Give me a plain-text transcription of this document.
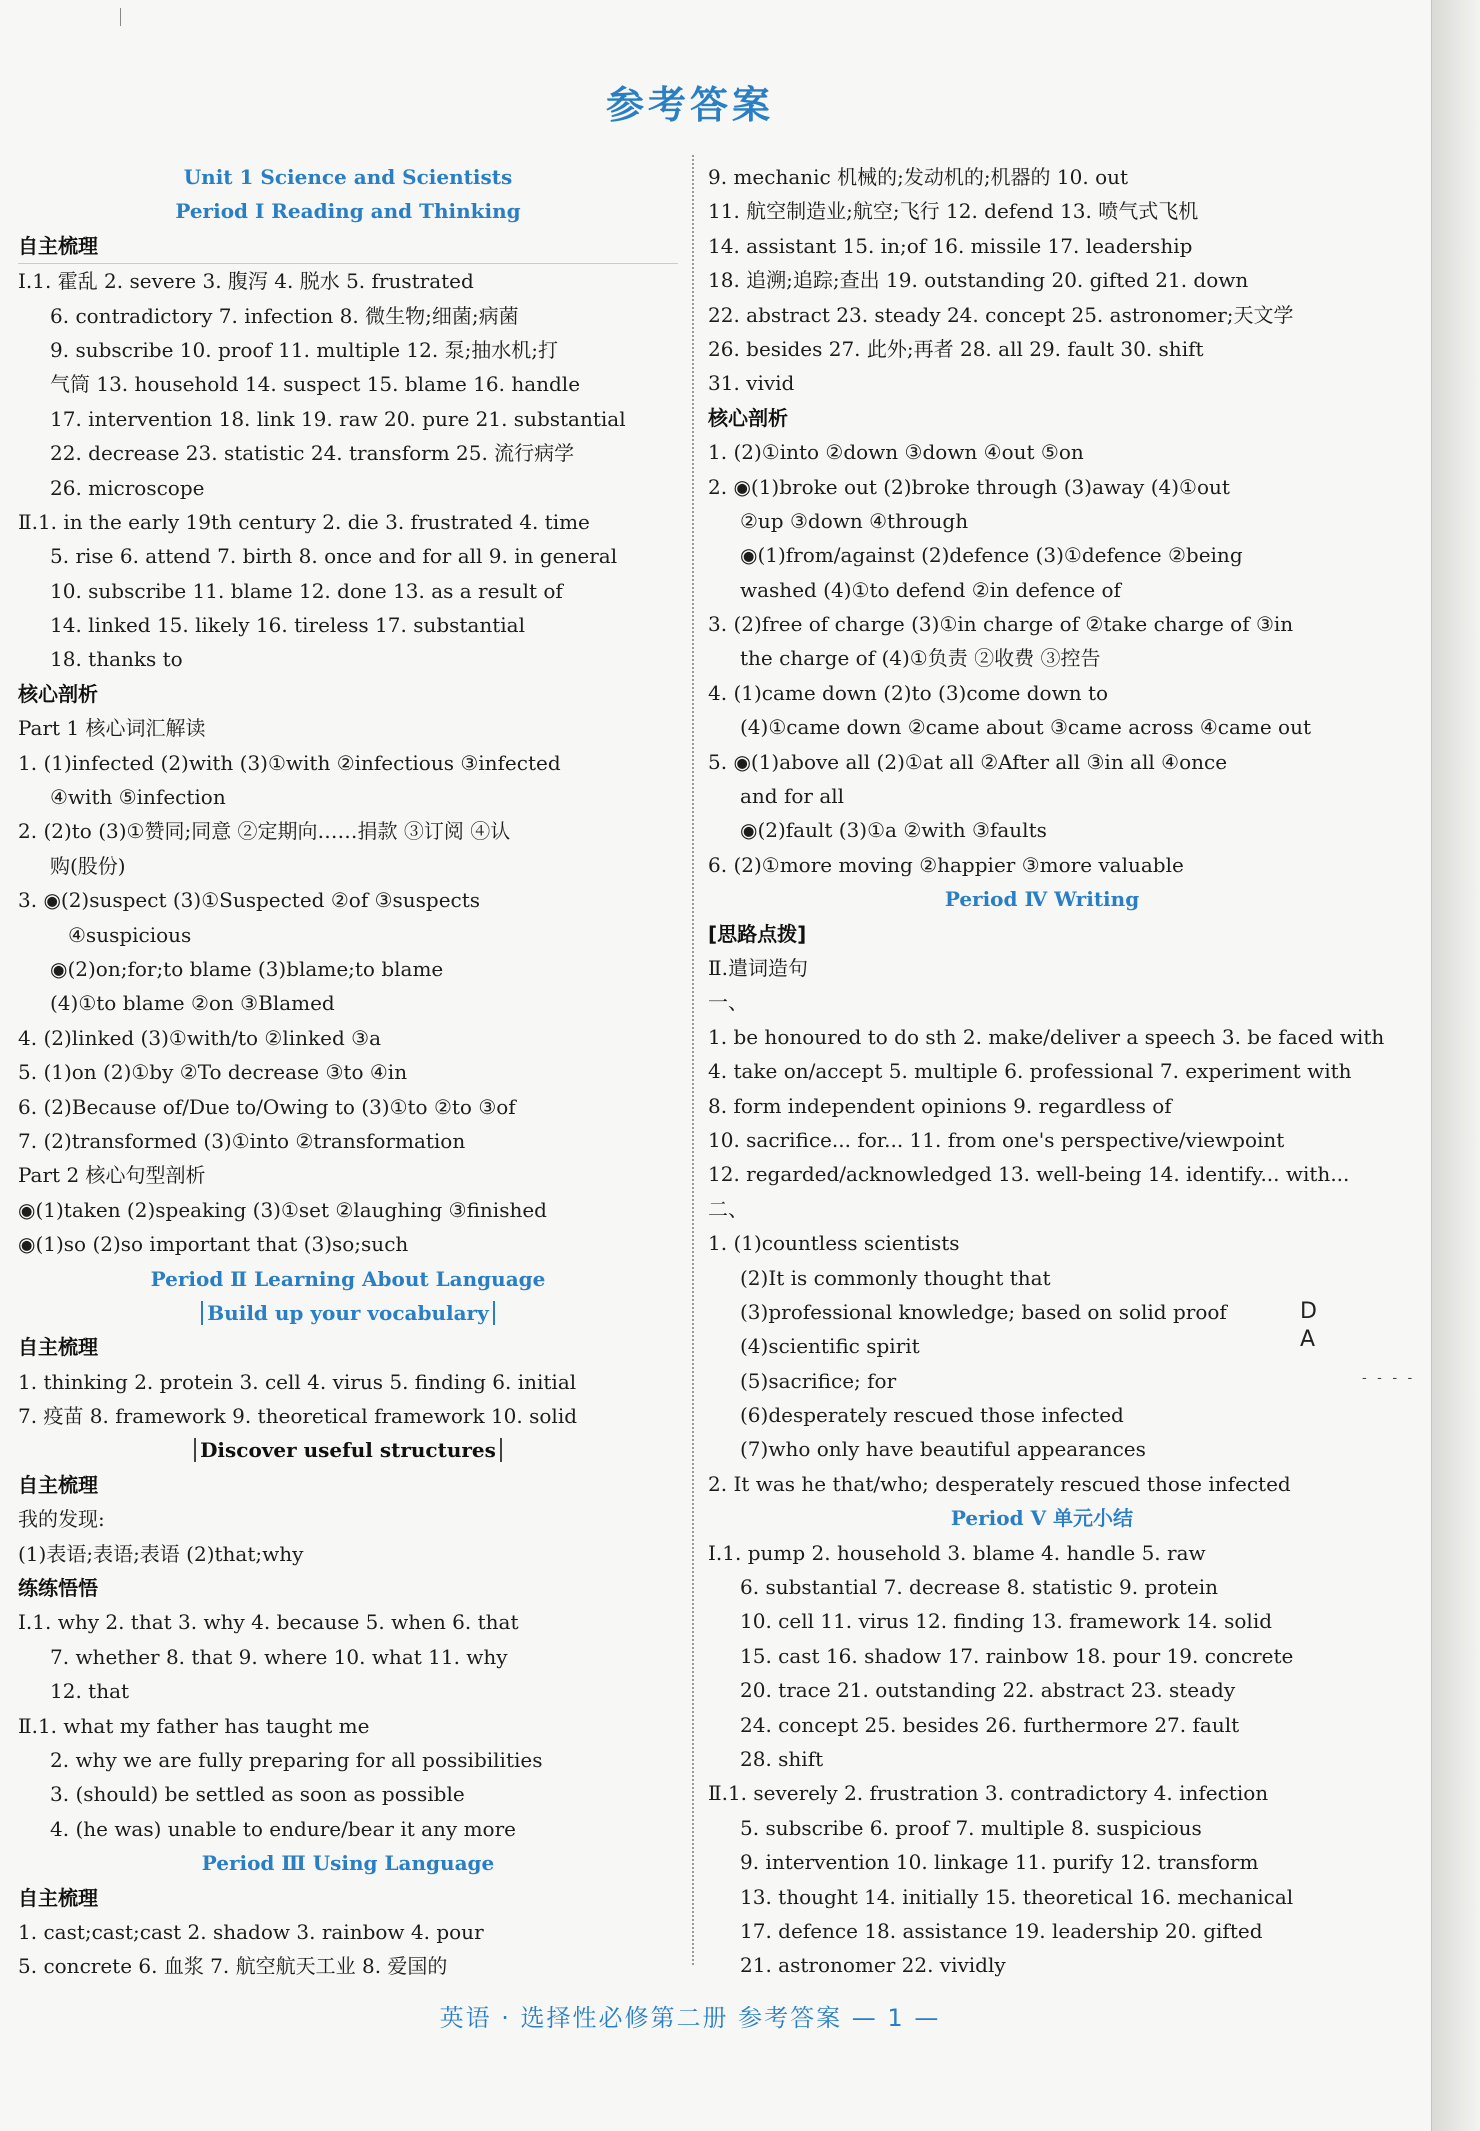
参考答案
Unit 1 Science and Scientists
Period Ⅰ Reading and Thinking
自主梳理
Ⅰ.1. 霍乱 2. severe 3. 腹泻 4. 脱水 5. frustrated
6. contradictory 7. infection 8. 微生物;细菌;病菌
9. subscribe 10. proof 11. multiple 12. 泵;抽水机;打
气筒 13. household 14. suspect 15. blame 16. handle
17. intervention 18. link 19. raw 20. pure 21. substantial
22. decrease 23. statistic 24. transform 25. 流行病学
26. microscope
Ⅱ.1. in the early 19th century 2. die 3. frustrated 4. time
5. rise 6. attend 7. birth 8. once and for all 9. in general
10. subscribe 11. blame 12. done 13. as a result of
14. linked 15. likely 16. tireless 17. substantial
18. thanks to
核心剖析
Part 1 核心词汇解读
1. (1)infected (2)with (3)①with ②infectious ③infected
④with ⑤infection
2. (2)to (3)①赞同;同意 ②定期向……捐款 ③订阅 ④认
购(股份)
3. ◉(2)suspect (3)①Suspected ②of ③suspects
④suspicious
◉(2)on;for;to blame (3)blame;to blame
(4)①to blame ②on ③Blamed
4. (2)linked (3)①with/to ②linked ③a
5. (1)on (2)①by ②To decrease ③to ④in
6. (2)Because of/Due to/Owing to (3)①to ②to ③of
7. (2)transformed (3)①into ②transformation
Part 2 核心句型剖析
◉(1)taken (2)speaking (3)①set ②laughing ③finished
◉(1)so (2)so important that (3)so;such
Period Ⅱ Learning About Language
Build up your vocabulary
自主梳理
1. thinking 2. protein 3. cell 4. virus 5. finding 6. initial
7. 疫苗 8. framework 9. theoretical framework 10. solid
Discover useful structures
自主梳理
我的发现:
(1)表语;表语;表语 (2)that;why
练练悟悟
Ⅰ.1. why 2. that 3. why 4. because 5. when 6. that
7. whether 8. that 9. where 10. what 11. why
12. that
Ⅱ.1. what my father has taught me
2. why we are fully preparing for all possibilities
3. (should) be settled as soon as possible
4. (he was) unable to endure/bear it any more
Period Ⅲ Using Language
自主梳理
1. cast;cast;cast 2. shadow 3. rainbow 4. pour
5. concrete 6. 血浆 7. 航空航天工业 8. 爱国的
9. mechanic 机械的;发动机的;机器的 10. out
11. 航空制造业;航空;飞行 12. defend 13. 喷气式飞机
14. assistant 15. in;of 16. missile 17. leadership
18. 追溯;追踪;查出 19. outstanding 20. gifted 21. down
22. abstract 23. steady 24. concept 25. astronomer;天文学
26. besides 27. 此外;再者 28. all 29. fault 30. shift
31. vivid
核心剖析
1. (2)①into ②down ③down ④out ⑤on
2. ◉(1)broke out (2)broke through (3)away (4)①out
②up ③down ④through
◉(1)from/against (2)defence (3)①defence ②being
washed (4)①to defend ②in defence of
3. (2)free of charge (3)①in charge of ②take charge of ③in
the charge of (4)①负责 ②收费 ③控告
4. (1)came down (2)to (3)come down to
(4)①came down ②came about ③came across ④came out
5. ◉(1)above all (2)①at all ②After all ③in all ④once
and for all
◉(2)fault (3)①a ②with ③faults
6. (2)①more moving ②happier ③more valuable
Period Ⅳ Writing
[思路点拨]
Ⅱ.遣词造句
一、
1. be honoured to do sth 2. make/deliver a speech 3. be faced with
4. take on/accept 5. multiple 6. professional 7. experiment with
8. form independent opinions 9. regardless of
10. sacrifice... for... 11. from one's perspective/viewpoint
12. regarded/acknowledged 13. well-being 14. identify... with...
二、
1. (1)countless scientists
(2)It is commonly thought that
(3)professional knowledge; based on solid proof
(4)scientific spirit
(5)sacrifice; for
(6)desperately rescued those infected
(7)who only have beautiful appearances
2. It was he that/who; desperately rescued those infected
Period Ⅴ 单元小结
Ⅰ.1. pump 2. household 3. blame 4. handle 5. raw
6. substantial 7. decrease 8. statistic 9. protein
10. cell 11. virus 12. finding 13. framework 14. solid
15. cast 16. shadow 17. rainbow 18. pour 19. concrete
20. trace 21. outstanding 22. abstract 23. steady
24. concept 25. besides 26. furthermore 27. fault
28. shift
Ⅱ.1. severely 2. frustration 3. contradictory 4. infection
5. subscribe 6. proof 7. multiple 8. suspicious
9. intervention 10. linkage 11. purify 12. transform
13. thought 14. initially 15. theoretical 16. mechanical
17. defence 18. assistance 19. leadership 20. gifted
21. astronomer 22. vividly
D
A
- - - -
英语 · 选择性必修第二册 参考答案 — 1 —
